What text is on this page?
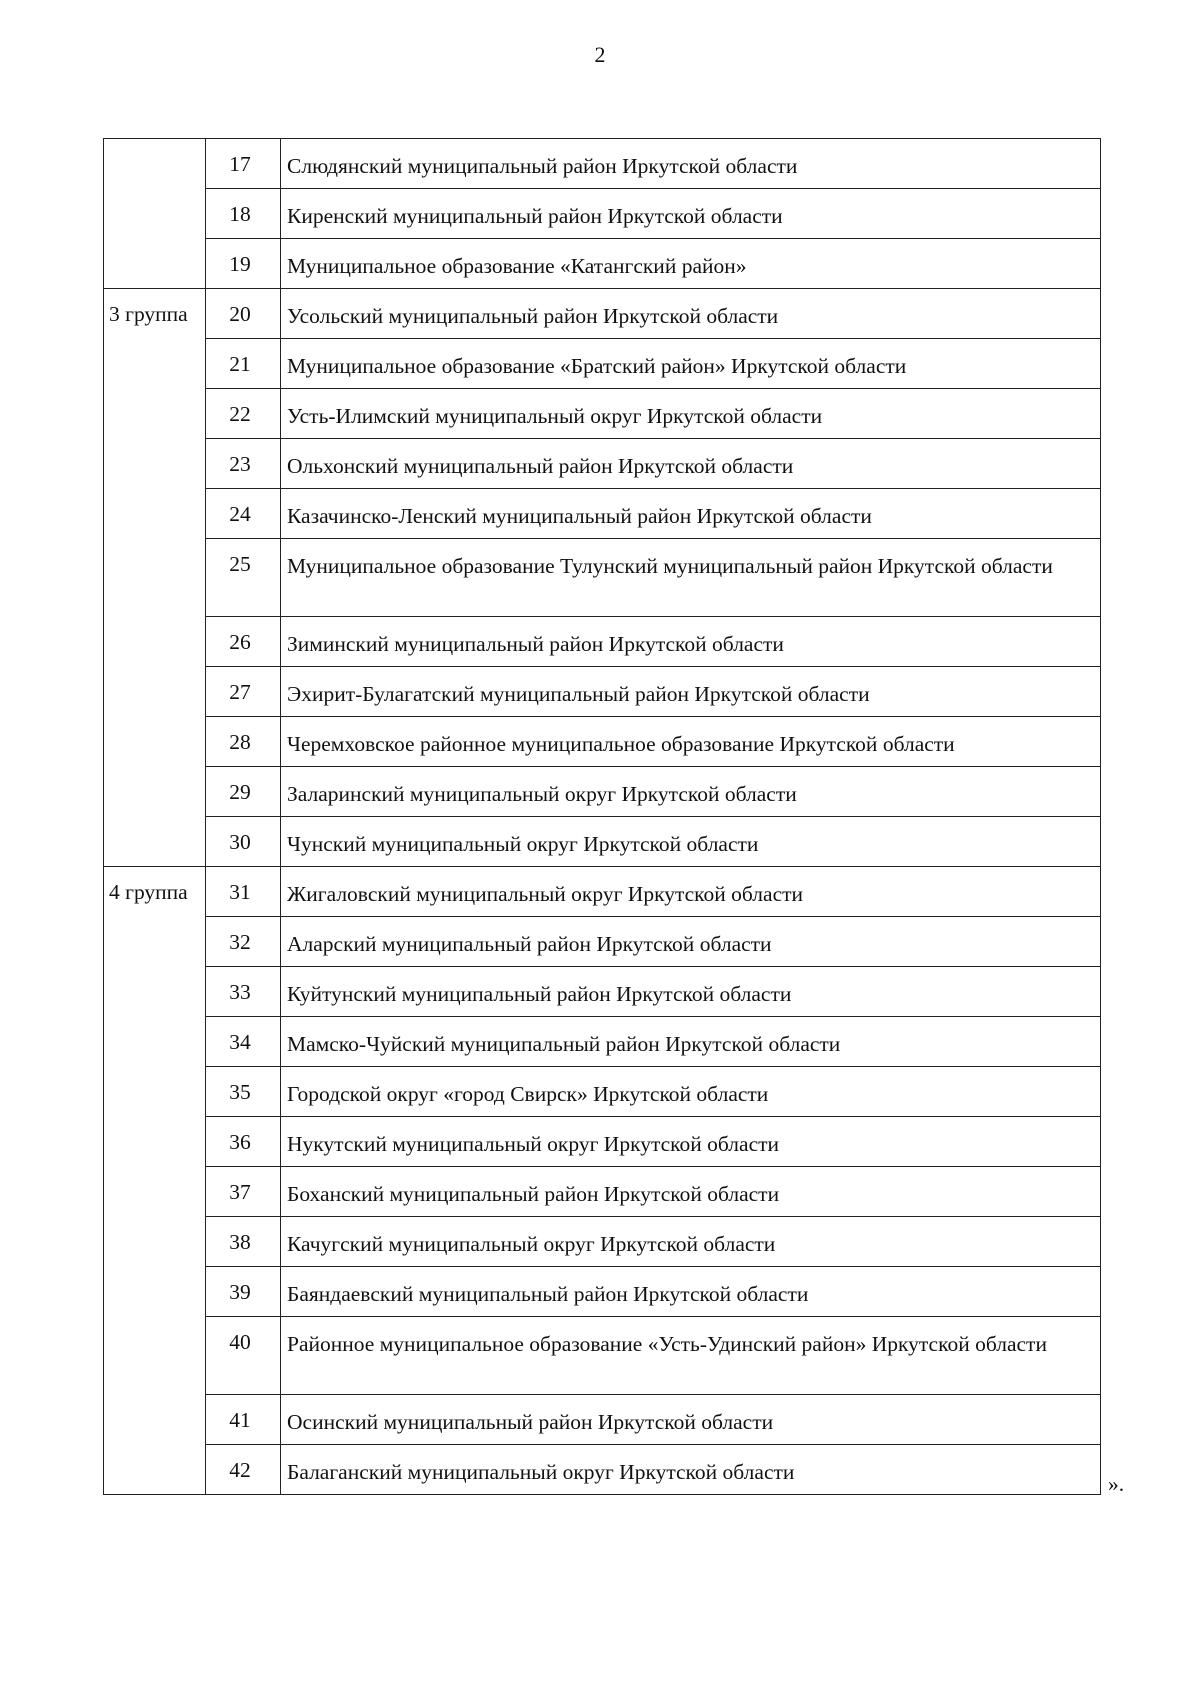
2
	17	Слюдянский муниципальный район Иркутской области

	18	Киренский муниципальный район Иркутской области

	19	Муниципальное образование «Катангский район»

3 группа	20	Усольский муниципальный район Иркутской области

	21	Муниципальное образование «Братский район» Иркутской области

	22	Усть-Илимский муниципальный округ Иркутской области

	23	Ольхонский муниципальный район Иркутской области

	24	Казачинско-Ленский муниципальный район Иркутской области

	25	Муниципальное образование Тулунский муниципальный район Иркутской области

	26	Зиминский муниципальный район Иркутской области

	27	Эхирит-Булагатский муниципальный район Иркутской области

	28	Черемховское районное муниципальное образование Иркутской области

	29	Заларинский муниципальный округ Иркутской области

	30	Чунский муниципальный округ Иркутской области

4 группа	31	Жигаловский муниципальный округ Иркутской области

	32	Аларский муниципальный район Иркутской области

	33	Куйтунский муниципальный район Иркутской области

	34	Мамско-Чуйский муниципальный район Иркутской области

	35	Городской округ «город Свирск» Иркутской области

	36	Нукутский муниципальный округ Иркутской области

	37	Боханский муниципальный район Иркутской области

	38	Качугский муниципальный округ Иркутской области

	39	Баяндаевский муниципальный район Иркутской области

	40	Районное муниципальное образование «Усть-Удинский район» Иркутской области

	41	Осинский муниципальный район Иркутской области

	42	Балаганский муниципальный округ Иркутской области	».
